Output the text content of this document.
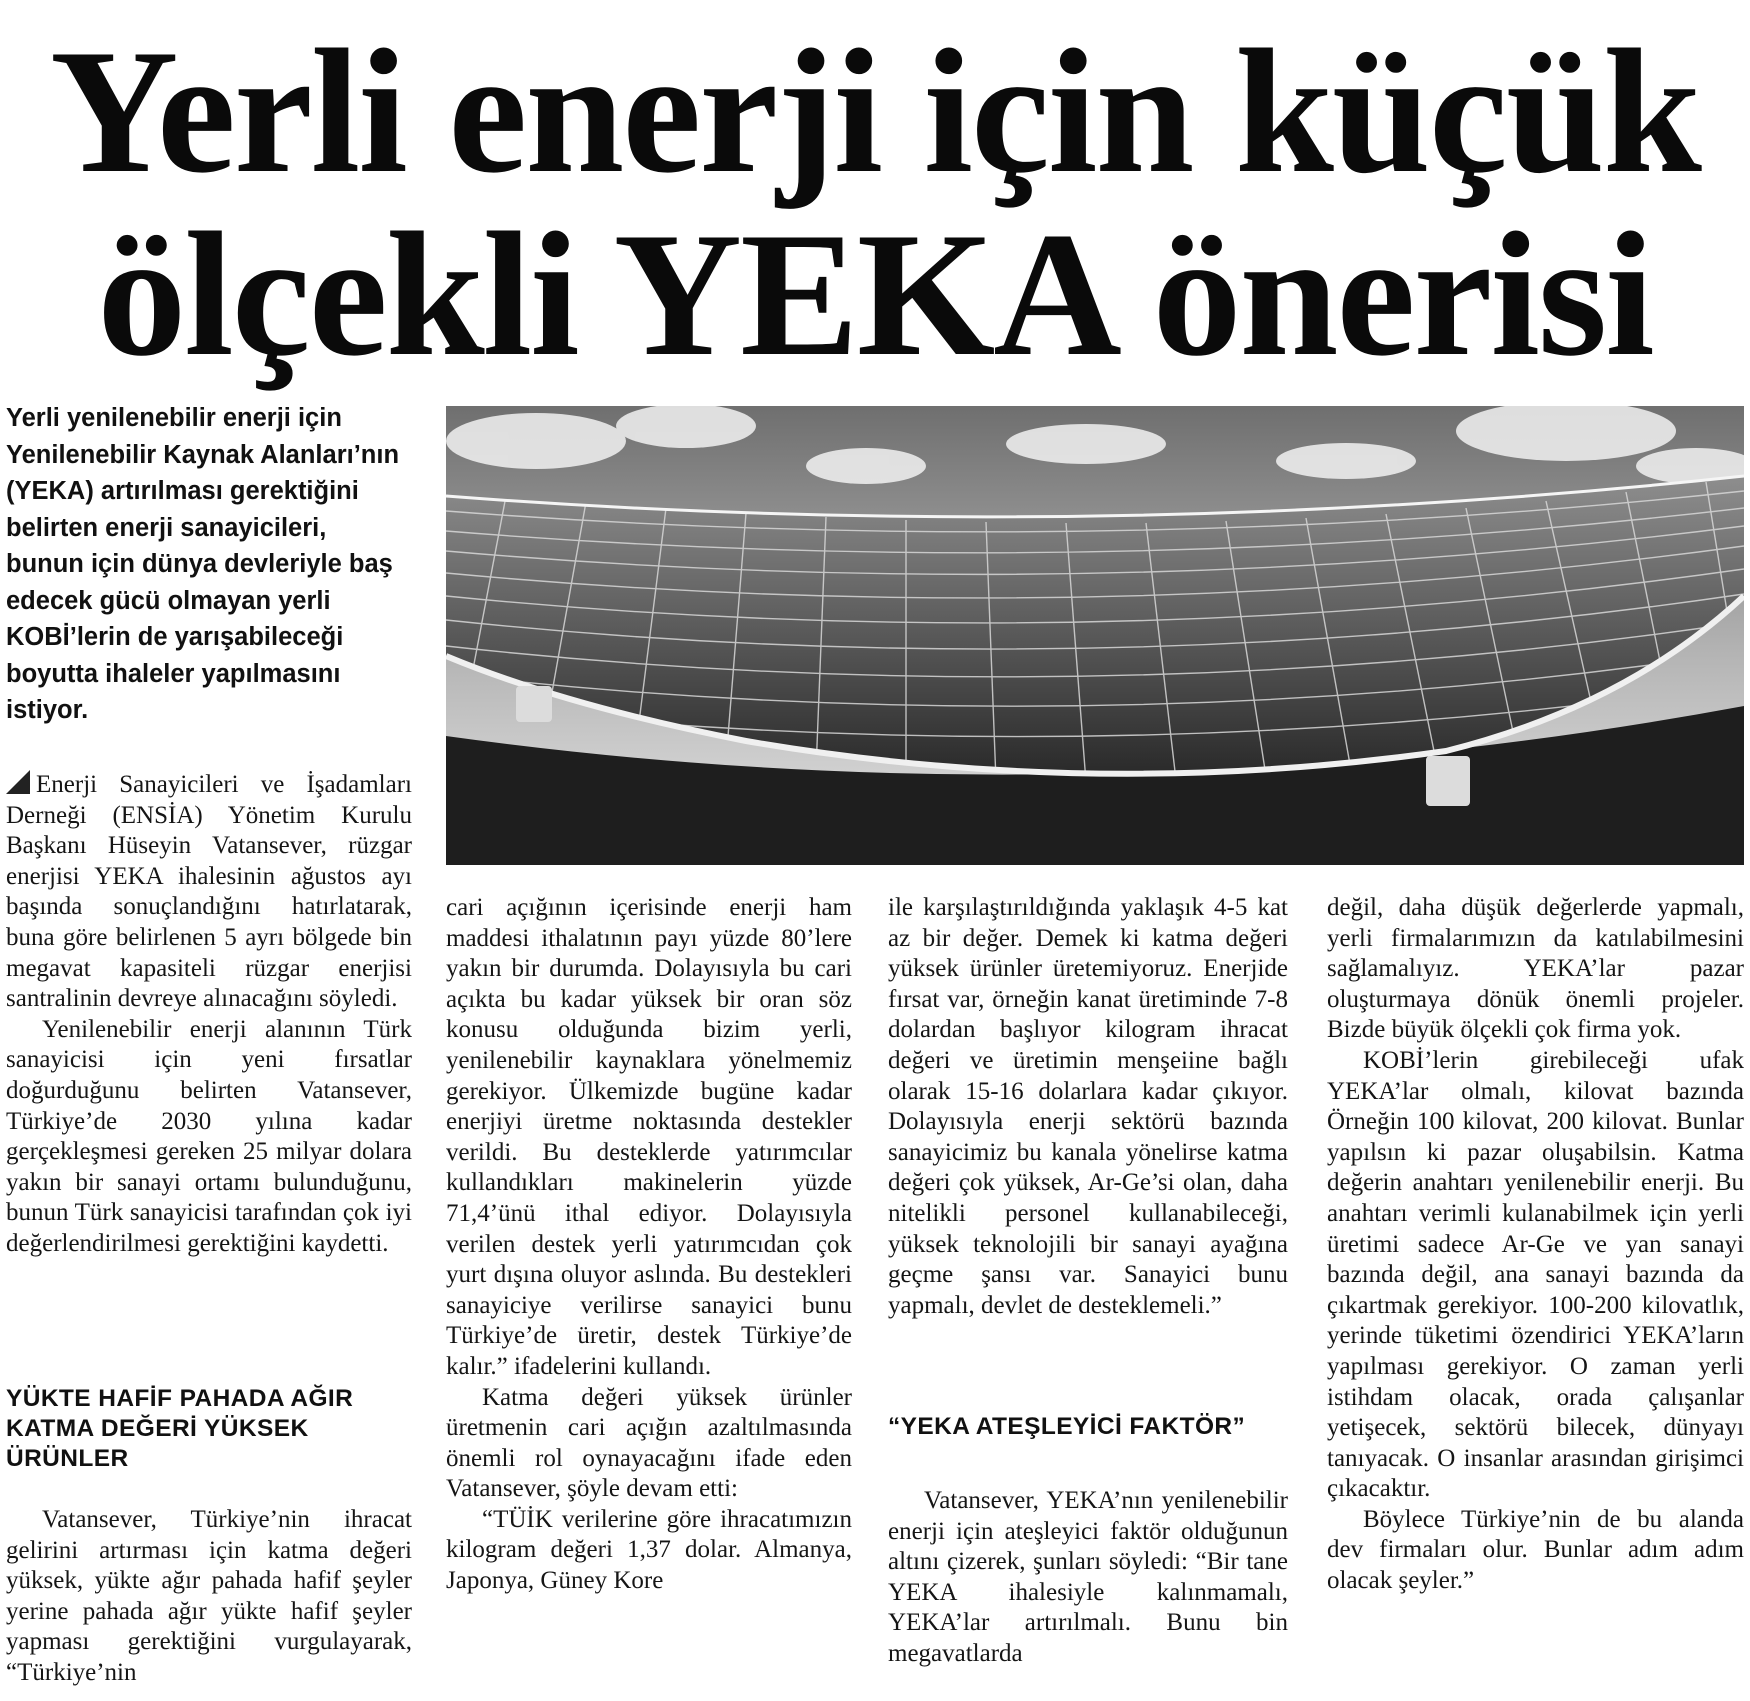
Yerli enerji için küçük
ölçekli YEKA önerisi

Yerli yenilenebilir enerji için Yenilenebilir Kaynak Alanları’nın (YEKA) artırılması gerektiğini belirten enerji sanayicileri, bunun için dünya devleriyle baş edecek gücü olmayan yerli KOBİ’lerin de yarışabileceği boyutta ihaleler yapılmasını istiyor.

Enerji Sanayicileri ve İşadamları Derneği (ENSİA) Yönetim Kurulu Başkanı Hüseyin Vatansever, rüzgar enerjisi YEKA ihalesinin ağustos ayı başında sonuçlandığını hatırlatarak, buna göre belirlenen 5 ayrı bölgede bin megavat kapasiteli rüzgar enerjisi santralinin devreye alınacağını söyledi.

Yenilenebilir enerji alanının Türk sanayicisi için yeni fırsatlar doğurduğunu belirten Vatansever, Türkiye’de 2030 yılına kadar gerçekleşmesi gereken 25 milyar dolara yakın bir sanayi ortamı bulunduğunu, bunun Türk sanayicisi tarafından çok iyi değerlendirilmesi gerektiğini kaydetti.

YÜKTE HAFİF PAHADA AĞIR KATMA DEĞERİ YÜKSEK ÜRÜNLER

Vatansever, Türkiye’nin ihracat gelirini artırması için katma değeri yüksek, yükte ağır pahada hafif şeyler yerine pahada ağır yükte hafif şeyler yapması gerektiğini vurgulayarak, “Türkiye’nin

cari açığının içerisinde enerji ham maddesi ithalatının payı yüzde 80’lere yakın bir durumda. Dolayısıyla bu cari açıkta bu kadar yüksek bir oran söz konusu olduğunda bizim yerli, yenilenebilir kaynaklara yönelmemiz gerekiyor. Ülkemizde bugüne kadar enerjiyi üretme noktasında destekler verildi. Bu desteklerde yatırımcılar kullandıkları makinelerin yüzde 71,4’ünü ithal ediyor. Dolayısıyla verilen destek yerli yatırımcıdan çok yurt dışına oluyor aslında. Bu destekleri sanayiciye verilirse sanayici bunu Türkiye’de üretir, destek Türkiye’de kalır.” ifadelerini kullandı.

Katma değeri yüksek ürünler üretmenin cari açığın azaltılmasında önemli rol oynayacağını ifade eden Vatansever, şöyle devam etti:

“TÜİK verilerine göre ihracatımızın kilogram değeri 1,37 dolar. Almanya, Japonya, Güney Kore

ile karşılaştırıldığında yaklaşık 4-5 kat az bir değer. Demek ki katma değeri yüksek ürünler üretemiyoruz. Enerjide fırsat var, örneğin kanat üretiminde 7-8 dolardan başlıyor kilogram ihracat değeri ve üretimin menşeiine bağlı olarak 15-16 dolarlara kadar çıkıyor. Dolayısıyla enerji sektörü bazında sanayicimiz bu kanala yönelirse katma değeri çok yüksek, Ar-Ge’si olan, daha nitelikli personel kullanabileceği, yüksek teknolojili bir sanayi ayağına geçme şansı var. Sanayici bunu yapmalı, devlet de desteklemeli.”

“YEKA ATEŞLEYİCİ FAKTÖR”

Vatansever, YEKA’nın yenilenebilir enerji için ateşleyici faktör olduğunun altını çizerek, şunları söyledi: “Bir tane YEKA ihalesiyle kalınmamalı, YEKA’lar artırılmalı. Bunu bin megavatlarda

değil, daha düşük değerlerde yapmalı, yerli firmalarımızın da katılabilmesini sağlamalıyız. YEKA’lar pazar oluşturmaya dönük önemli projeler. Bizde büyük ölçekli çok firma yok.

KOBİ’lerin girebileceği ufak YEKA’lar olmalı, kilovat bazında Örneğin 100 kilovat, 200 kilovat. Bunlar yapılsın ki pazar oluşabilsin. Katma değerin anahtarı yenilenebilir enerji. Bu anahtarı verimli kulanabilmek için yerli üretimi sadece Ar-Ge ve yan sanayi bazında değil, ana sanayi bazında da çıkartmak gerekiyor. 100-200 kilovatlık, yerinde tüketimi özendirici YEKA’ların yapılması gerekiyor. O zaman yerli istihdam olacak, orada çalışanlar yetişecek, sektörü bilecek, dünyayı tanıyacak. O insanlar arasından girişimci çıkacaktır.

Böylece Türkiye’nin de bu alanda dev firmaları olur. Bunlar adım adım olacak şeyler.”
